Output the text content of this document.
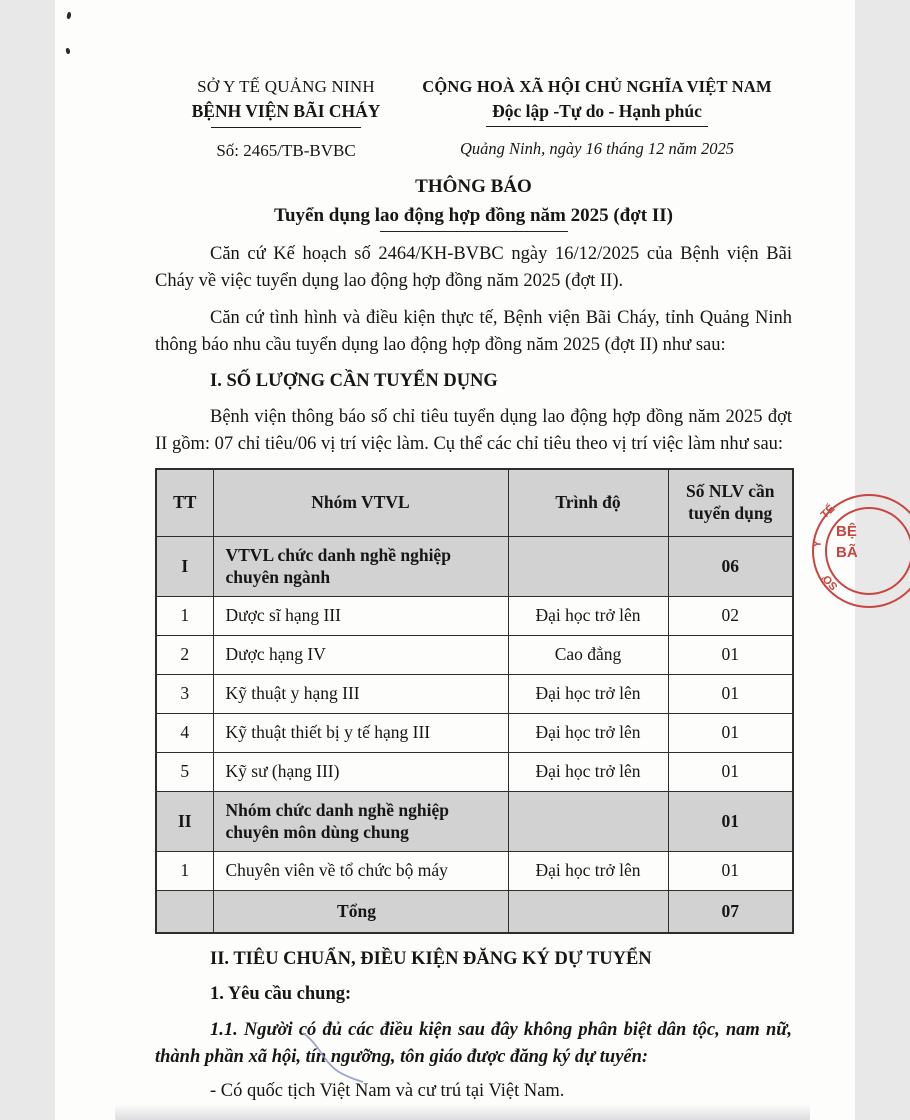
SỞ Y TẾ QUẢNG NINH
BỆNH VIỆN BÃI CHÁY
Số: 2465/TB-BVBC
CỘNG HOÀ XÃ HỘI CHỦ NGHĨA VIỆT NAM
Độc lập -Tự do - Hạnh phúc
Quảng Ninh, ngày 16 tháng 12 năm 2025
THÔNG BÁO
Tuyển dụng lao động hợp đồng năm 2025 (đợt II)

Căn cứ Kế hoạch số 2464/KH-BVBC ngày 16/12/2025 của Bệnh viện Bãi Cháy về việc tuyển dụng lao động hợp đồng năm 2025 (đợt II).

Căn cứ tình hình và điều kiện thực tế, Bệnh viện Bãi Cháy, tỉnh Quảng Ninh thông báo nhu cầu tuyển dụng lao động hợp đồng năm 2025 (đợt II) như sau:

I. SỐ LƯỢNG CẦN TUYỂN DỤNG

Bệnh viện thông báo số chỉ tiêu tuyển dụng lao động hợp đồng năm 2025 đợt II gồm: 07 chỉ tiêu/06 vị trí việc làm. Cụ thể các chỉ tiêu theo vị trí việc làm như sau:

TT	Nhóm VTVL	Trình độ	Số NLV cần tuyển dụng
I	VTVL chức danh nghề nghiệp chuyên ngành		06
1	Dược sĩ hạng III	Đại học trở lên	02
2	Dược hạng IV	Cao đẳng	01
3	Kỹ thuật y hạng III	Đại học trở lên	01
4	Kỹ thuật thiết bị y tế hạng III	Đại học trở lên	01
5	Kỹ sư (hạng III)	Đại học trở lên	01
II	Nhóm chức danh nghề nghiệp chuyên môn dùng chung		01
1	Chuyên viên về tổ chức bộ máy	Đại học trở lên	01
	Tổng		07
II. TIÊU CHUẨN, ĐIỀU KIỆN ĐĂNG KÝ DỰ TUYỂN
1. Yêu cầu chung:

1.1. Người có đủ các điều kiện sau đây không phân biệt dân tộc, nam nữ, thành phần xã hội, tín ngưỡng, tôn giáo được đăng ký dự tuyển:

- Có quốc tịch Việt Nam và cư trú tại Việt Nam.

TẾ
Y
SỞ
BỆ
BÃ
